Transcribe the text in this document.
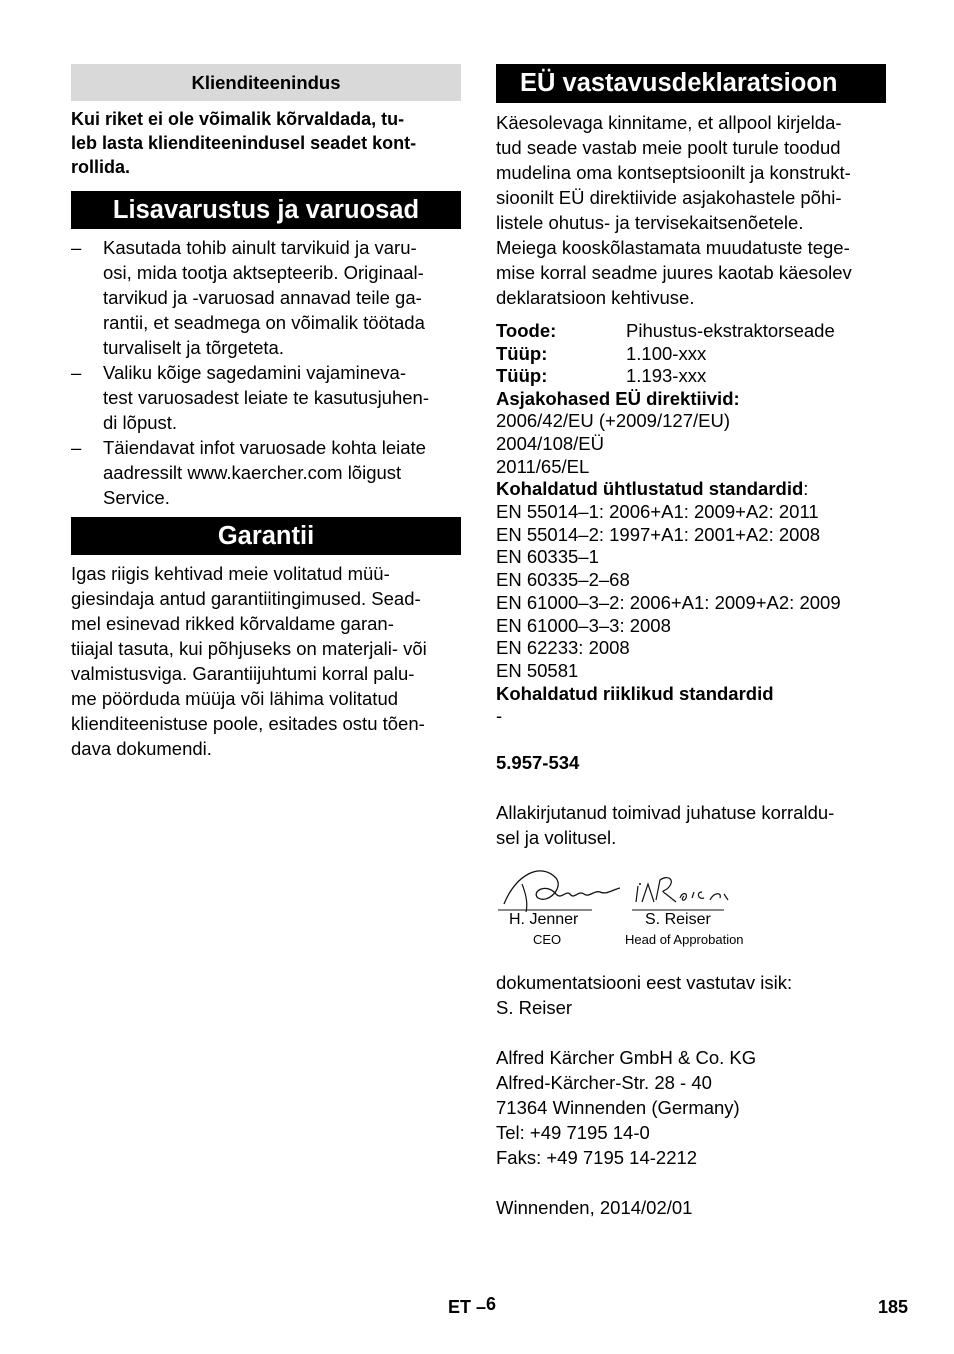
Klienditeenindus
Kui riket ei ole võimalik kõrvaldada, tu-
leb lasta klienditeenindusel seadet kont-
rollida.
Lisavarustus ja varuosad
– Kasutada tohib ainult tarvikuid ja varu-
osi, mida tootja aktsepteerib. Originaal-
tarvikud ja -varuosad annavad teile ga-
rantii, et seadmega on võimalik töötada
turvaliselt ja tõrgeteta.
– Valiku kõige sagedamini vajamineva-
test varuosadest leiate te kasutusjuhen-
di lõpust.
– Täiendavat infot varuosade kohta leiate
aadressilt www.kaercher.com lõigust
Service.
Garantii
Igas riigis kehtivad meie volitatud müü-
giesindaja antud garantiitingimused. Sead-
mel esinevad rikked kõrvaldame garan-
tiiajal tasuta, kui põhjuseks on materjali- või
valmistusviga. Garantiijuhtumi korral palu-
me pöörduda müüja või lähima volitatud
klienditeenistuse poole, esitades ostu tõen-
dava dokumendi.
EÜ vastavusdeklaratsioon
Käesolevaga kinnitame, et allpool kirjelda-
tud seade vastab meie poolt turule toodud
mudelina oma kontseptsioonilt ja konstrukt-
sioonilt EÜ direktiivide asjakohastele põhi-
listele ohutus- ja tervisekaitsenõetele.
Meiega kooskõlastamata muudatuste tege-
mise korral seadme juures kaotab käesolev
deklaratsioon kehtivuse.
Toode:	Pihustus-ekstraktorseade
Tüüp:	1.100-xxx
Tüüp:	1.193-xxx
Asjakohased EÜ direktiivid:
2006/42/EU (+2009/127/EU)
2004/108/EÜ
2011/65/EL
Kohaldatud ühtlustatud standardid:
EN 55014–1: 2006+A1: 2009+A2: 2011
EN 55014–2: 1997+A1: 2001+A2: 2008
EN 60335–1
EN 60335–2–68
EN 61000–3–2: 2006+A1: 2009+A2: 2009
EN 61000–3–3: 2008
EN 62233: 2008
EN 50581
Kohaldatud riiklikud standardid
-
5.957-534
Allakirjutanud toimivad juhatuse korraldu-
sel ja volitusel.
H. Jenner
CEO
S. Reiser
Head of Approbation
dokumentatsiooni eest vastutav isik:
S. Reiser
Alfred Kärcher GmbH & Co. KG
Alfred-Kärcher-Str. 28 - 40
71364 Winnenden (Germany)
Tel: +49 7195 14-0
Faks: +49 7195 14-2212
Winnenden, 2014/02/01
ET –6	185
